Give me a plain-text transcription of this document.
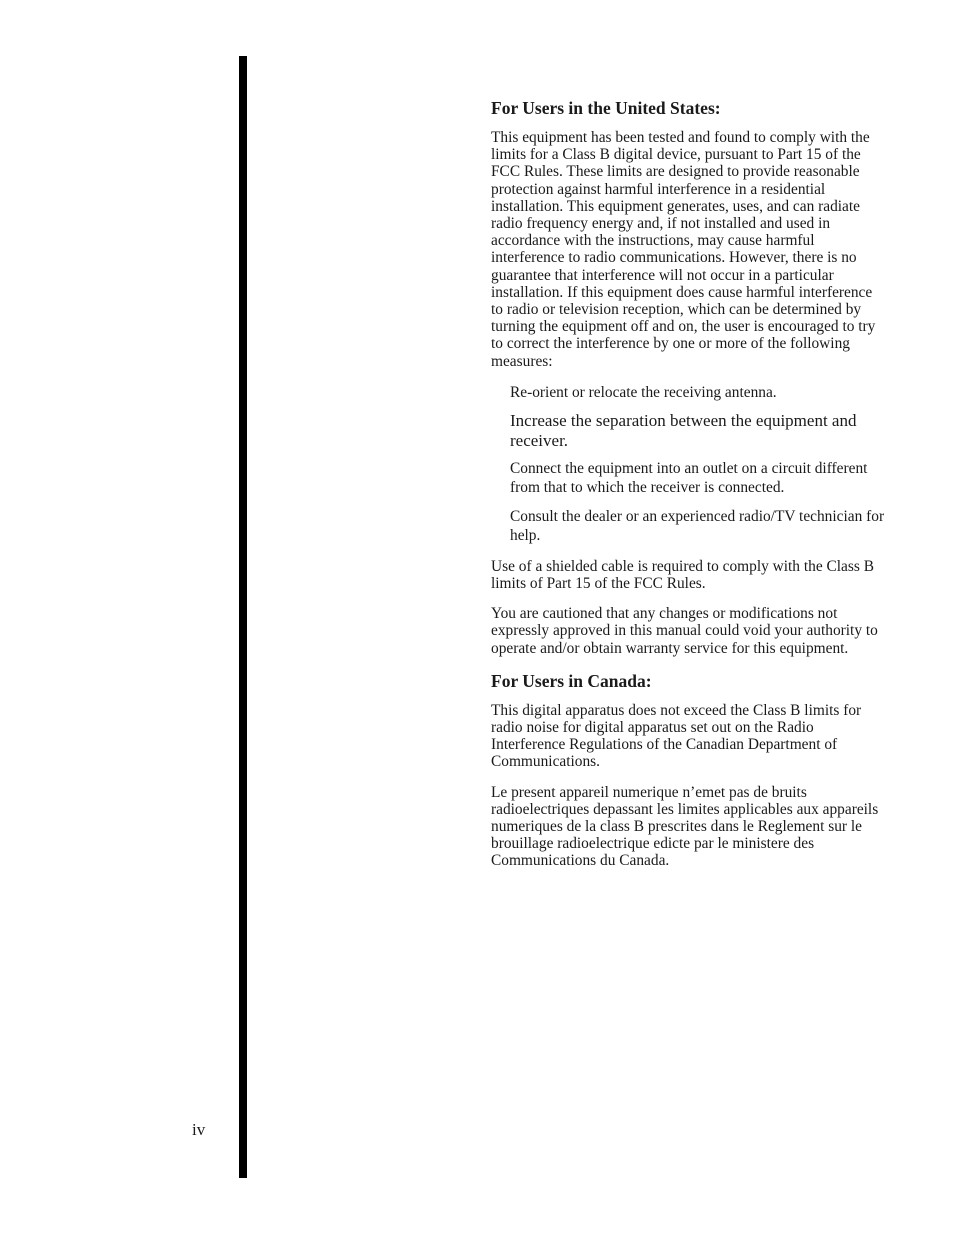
For Users in the United States:

This equipment has been tested and found to comply with the limits for a Class B digital device, pursuant to Part 15 of the FCC Rules. These limits are designed to provide reasonable protection against harmful interference in a residential installation. This equipment generates, uses, and can radiate radio frequency energy and, if not installed and used in accordance with the instructions, may cause harmful interference to radio communications. However, there is no guarantee that interference will not occur in a particular installation. If this equipment does cause harmful interference to radio or television reception, which can be determined by turning the equipment off and on, the user is encouraged to try to correct the interference by one or more of the following measures:

Re-orient or relocate the receiving antenna.
Increase the separation between the equipment and receiver.
Connect the equipment into an outlet on a circuit different from that to which the receiver is connected.
Consult the dealer or an experienced radio/TV technician for help.

Use of a shielded cable is required to comply with the Class B limits of Part 15 of the FCC Rules.

You are cautioned that any changes or modifications not expressly approved in this manual could void your authority to operate and/or obtain warranty service for this equipment.

For Users in Canada:

This digital apparatus does not exceed the Class B limits for radio noise for digital apparatus set out on the Radio Interference Regulations of the Canadian Department of Communications.

Le present appareil numerique n’emet pas de bruits radioelectriques depassant les limites applicables aux appareils numeriques de la class B prescrites dans le Reglement sur le brouillage radioelectrique edicte par le ministere des Communications du Canada.

iv
